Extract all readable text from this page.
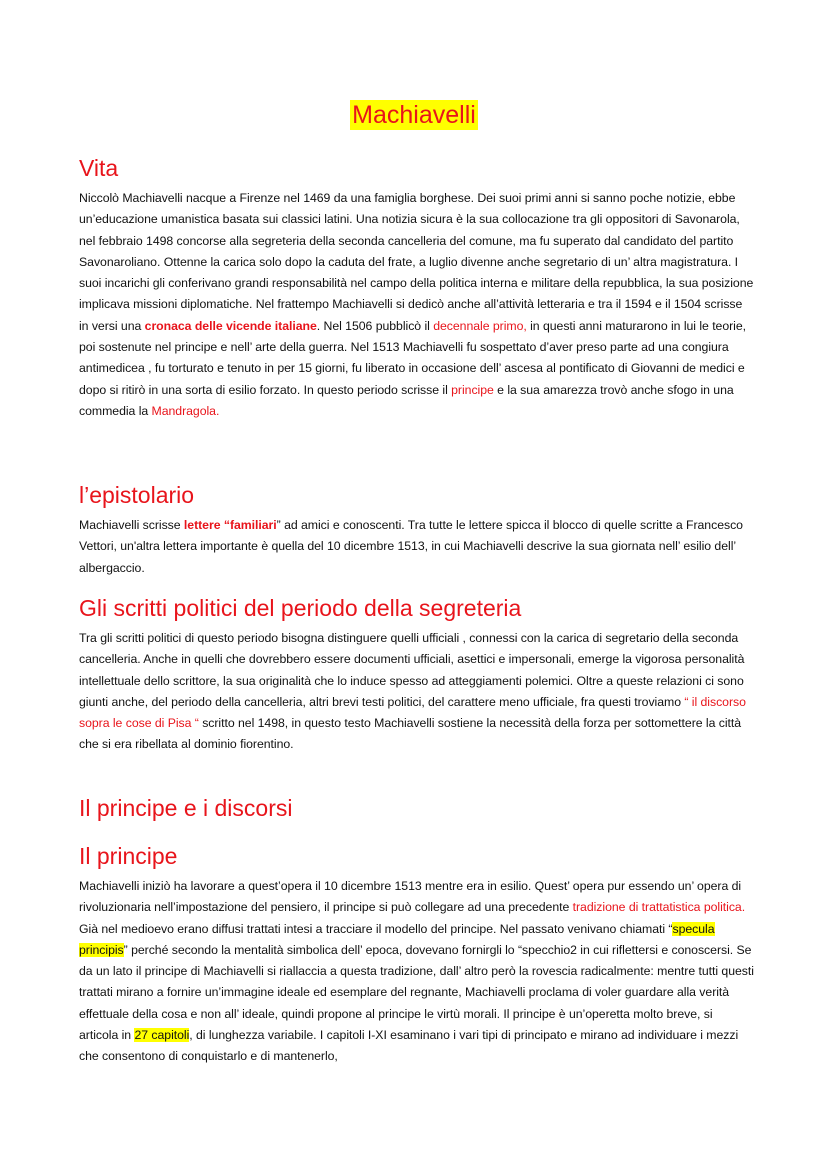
Machiavelli
Vita

Niccolò Machiavelli nacque a Firenze nel 1469 da una famiglia borghese. Dei suoi primi anni si sanno poche notizie, ebbe un’educazione umanistica basata sui classici latini. Una notizia sicura è la sua collocazione tra gli oppositori di Savonarola, nel febbraio 1498 concorse alla segreteria della seconda cancelleria del comune, ma fu superato dal candidato del partito Savonaroliano. Ottenne la carica solo dopo la caduta del frate, a luglio divenne anche segretario di un’ altra magistratura. I suoi incarichi gli conferivano grandi responsabilità nel campo della politica interna e militare della repubblica, la sua posizione implicava missioni diplomatiche. Nel frattempo Machiavelli si dedicò anche all’attività letteraria e tra il 1594 e il 1504 scrisse in versi una cronaca delle vicende italiane. Nel 1506 pubblicò il decennale primo, in questi anni maturarono in lui le teorie, poi sostenute nel principe e nell’ arte della guerra. Nel 1513 Machiavelli fu sospettato d’aver preso parte ad una congiura antimedicea , fu torturato e tenuto in per 15 giorni, fu liberato in occasione dell’ ascesa al pontificato di Giovanni de medici e dopo si ritirò in una sorta di esilio forzato. In questo periodo scrisse il principe e la sua amarezza trovò anche sfogo in una commedia la Mandragola.

l’epistolario

Machiavelli scrisse lettere “familiari” ad amici e conoscenti. Tra tutte le lettere spicca il blocco di quelle scritte a Francesco Vettori, un'altra lettera importante è quella del 10 dicembre 1513, in cui Machiavelli descrive la sua giornata nell’ esilio dell’ albergaccio.

Gli scritti politici del periodo della segreteria

Tra gli scritti politici di questo periodo bisogna distinguere quelli ufficiali , connessi con la carica di segretario della seconda cancelleria. Anche in quelli che dovrebbero essere documenti ufficiali, asettici e impersonali, emerge la vigorosa personalità intellettuale dello scrittore, la sua originalità che lo induce spesso ad atteggiamenti polemici. Oltre a queste relazioni ci sono giunti anche, del periodo della cancelleria, altri brevi testi politici, del carattere meno ufficiale, fra questi troviamo “ il discorso sopra le cose di Pisa “ scritto nel 1498, in questo testo Machiavelli sostiene la necessità della forza per sottomettere la città che si era ribellata al dominio fiorentino.

Il principe e i discorsi
Il principe

Machiavelli iniziò ha lavorare a quest’opera il 10 dicembre 1513 mentre era in esilio. Quest’ opera pur essendo un’ opera di rivoluzionaria nell’impostazione del pensiero, il principe si può collegare ad una precedente tradizione di trattatistica politica. Già nel medioevo erano diffusi trattati intesi a tracciare il modello del principe. Nel passato venivano chiamati “specula principis” perché secondo la mentalità simbolica dell’ epoca, dovevano fornirgli lo “specchio2 in cui riflettersi e conoscersi. Se da un lato il principe di Machiavelli si riallaccia a questa tradizione, dall’ altro però la rovescia radicalmente: mentre tutti questi trattati mirano a fornire un’immagine ideale ed esemplare del regnante, Machiavelli proclama di voler guardare alla verità effettuale della cosa e non all’ ideale, quindi propone al principe le virtù morali. Il principe è un’operetta molto breve, si articola in 27 capitoli, di lunghezza variabile. I capitoli I-XI esaminano i vari tipi di principato e mirano ad individuare i mezzi che consentono di conquistarlo e di mantenerlo,
